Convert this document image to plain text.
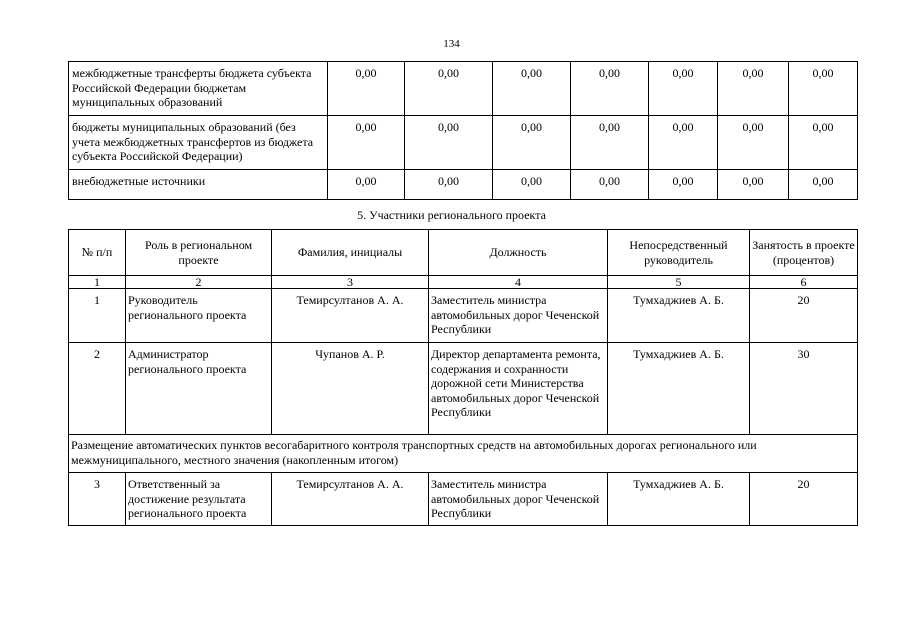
134
межбюджетные трансферты бюджета субъекта Российской Федерации бюджетам муниципальных образований	0,00	0,00	0,00	0,00	0,00	0,00	0,00
бюджеты муниципальных образований (без учета межбюджетных трансфертов из бюджета субъекта Российской Федерации)	0,00	0,00	0,00	0,00	0,00	0,00	0,00
внебюджетные источники	0,00	0,00	0,00	0,00	0,00	0,00	0,00
5. Участники регионального проекта
№ п/п	Роль в региональном проекте	Фамилия, инициалы	Должность	Непосредственный руководитель	Занятость в проекте (процентов)
1	2	3	4	5	6
1	Руководитель регионального проекта	Темирсултанов А. А.	Заместитель министра автомобильных дорог Чеченской Республики	Тумхаджиев А. Б.	20
2	Администратор регионального проекта	Чупанов А. Р.	Директор департамента ремонта, содержания и сохранности дорожной сети Министерства автомобильных дорог Чеченской Республики	Тумхаджиев А. Б.	30
Размещение автоматических пунктов весогабаритного контроля транспортных средств на автомобильных дорогах регионального или межмуниципального, местного значения (накопленным итогом)					
3	Ответственный за достижение результата регионального проекта	Темирсултанов А. А.	Заместитель министра автомобильных дорог Чеченской Республики	Тумхаджиев А. Б.	20
